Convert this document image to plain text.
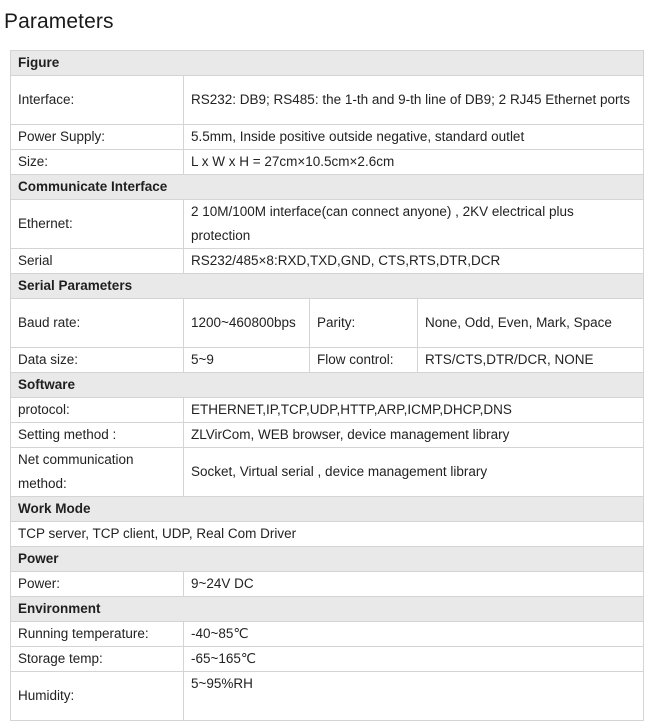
Parameters
Figure			
Interface:	RS232: DB9; RS485: the 1-th and 9-th line of DB9; 2 RJ45 Ethernet ports		
Power Supply:	5.5mm, Inside positive outside negative, standard outlet		
Size:	L x W x H = 27cm×10.5cm×2.6cm		
Communicate Interface			
Ethernet:	2 10M/100M interface(can connect anyone) , 2KV electrical plus protection		
Serial	RS232/485×8:RXD,TXD,GND, CTS,RTS,DTR,DCR		
Serial Parameters			
Baud rate:	1200~460800bps	Parity:	None, Odd, Even, Mark, Space
Data size:	5~9	Flow control:	RTS/CTS,DTR/DCR, NONE
Software			
protocol:	ETHERNET,IP,TCP,UDP,HTTP,ARP,ICMP,DHCP,DNS		
Setting method :	ZLVirCom, WEB browser, device management library		
Net communication method:	Socket, Virtual serial , device management library		
Work Mode			
TCP server, TCP client, UDP, Real Com Driver			
Power			
Power:	9~24V DC		
Environment			
Running temperature:	-40~85℃		
Storage temp:	-65~165℃		
Humidity:	5~95%RH		
